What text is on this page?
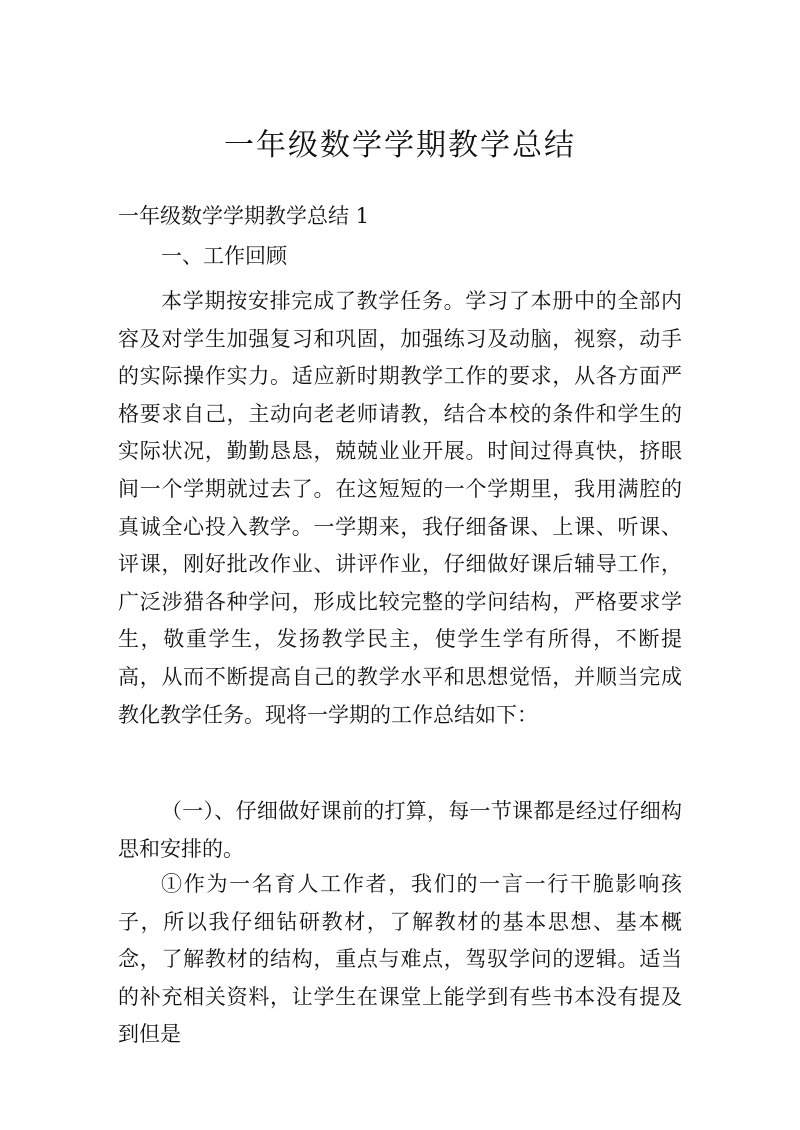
一年级数学学期教学总结
一年级数学学期教学总结 1

一、工作回顾

本学期按安排完成了教学任务。学习了本册中的全部内容及对学生加强复习和巩固，加强练习及动脑，视察，动手的实际操作实力。适应新时期教学工作的要求，从各方面严格要求自己，主动向老老师请教，结合本校的条件和学生的实际状况，勤勤恳恳，兢兢业业开展。时间过得真快，挤眼间一个学期就过去了。在这短短的一个学期里，我用满腔的真诚全心投入教学。一学期来，我仔细备课、上课、听课、评课，刚好批改作业、讲评作业，仔细做好课后辅导工作，广泛涉猎各种学问，形成比较完整的学问结构，严格要求学生，敬重学生，发扬教学民主，使学生学有所得，不断提高，从而不断提高自己的教学水平和思想觉悟，并顺当完成教化教学任务。现将一学期的工作总结如下：

（一）、仔细做好课前的打算，每一节课都是经过仔细构思和安排的。

①作为一名育人工作者，我们的一言一行干脆影响孩子，所以我仔细钻研教材，了解教材的基本思想、基本概念，了解教材的结构，重点与难点，驾驭学问的逻辑。适当的补充相关资料，让学生在课堂上能学到有些书本没有提及到但是
